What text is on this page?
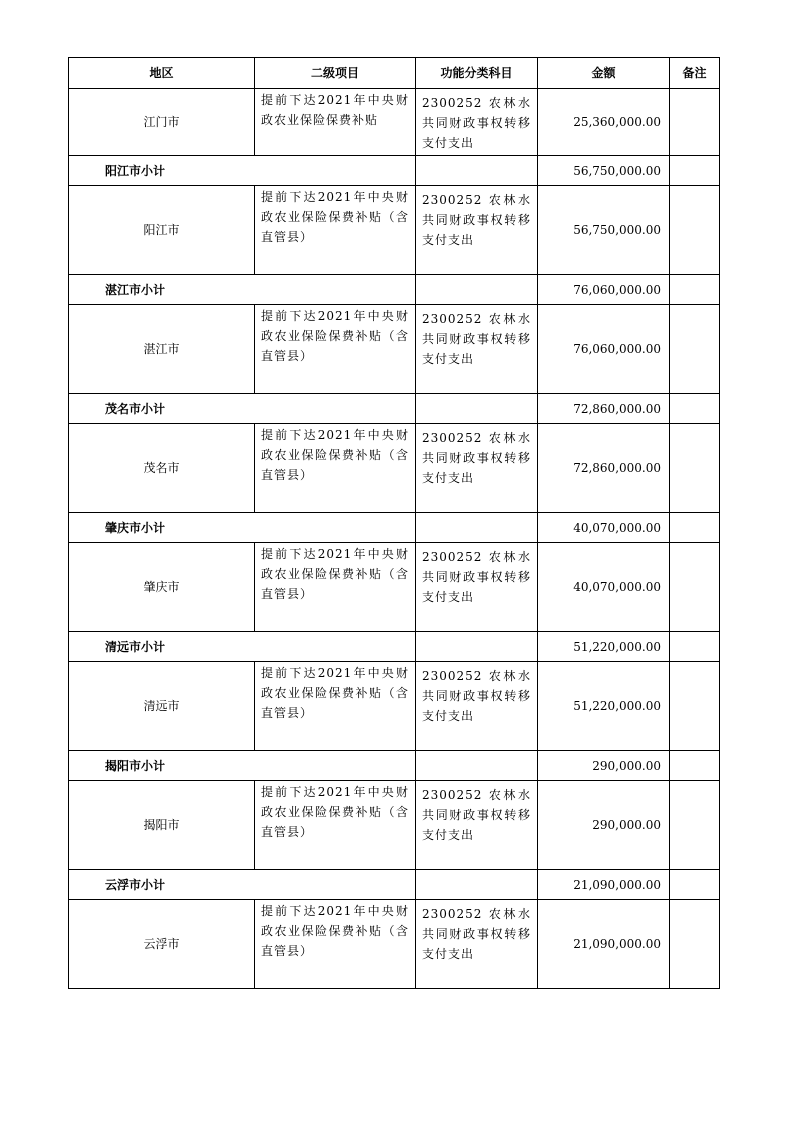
地区	二级项目	功能分类科目	金额	备注
江门市	提前下达2021年中央财政农业保险保费补贴	2300252 农林水共同财政事权转移支付支出	25,360,000.00	
阳江市小计			56,750,000.00	
阳江市	提前下达2021年中央财政农业保险保费补贴（含直管县）	2300252 农林水共同财政事权转移支付支出	56,750,000.00	
湛江市小计			76,060,000.00	
湛江市	提前下达2021年中央财政农业保险保费补贴（含直管县）	2300252 农林水共同财政事权转移支付支出	76,060,000.00	
茂名市小计			72,860,000.00	
茂名市	提前下达2021年中央财政农业保险保费补贴（含直管县）	2300252 农林水共同财政事权转移支付支出	72,860,000.00	
肇庆市小计			40,070,000.00	
肇庆市	提前下达2021年中央财政农业保险保费补贴（含直管县）	2300252 农林水共同财政事权转移支付支出	40,070,000.00	
清远市小计			51,220,000.00	
清远市	提前下达2021年中央财政农业保险保费补贴（含直管县）	2300252 农林水共同财政事权转移支付支出	51,220,000.00	
揭阳市小计			290,000.00	
揭阳市	提前下达2021年中央财政农业保险保费补贴（含直管县）	2300252 农林水共同财政事权转移支付支出	290,000.00	
云浮市小计			21,090,000.00	
云浮市	提前下达2021年中央财政农业保险保费补贴（含直管县）	2300252 农林水共同财政事权转移支付支出	21,090,000.00	
